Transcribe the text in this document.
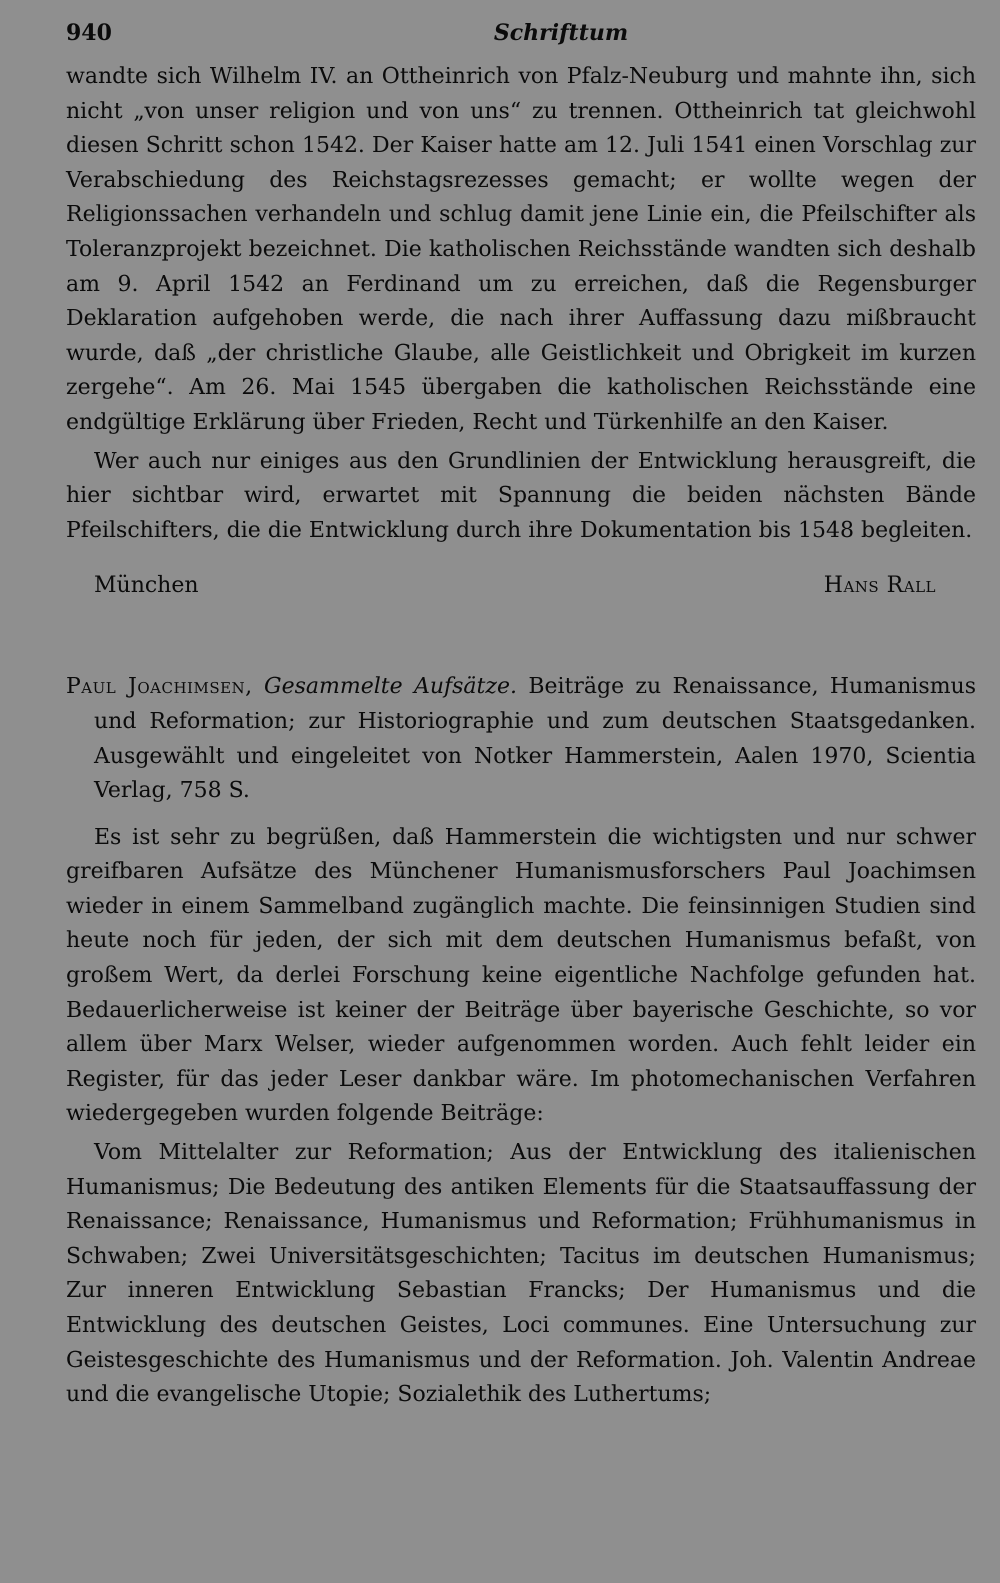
940	Schrifttum

wandte sich Wilhelm IV. an Ottheinrich von Pfalz-Neuburg und mahnte ihn, sich nicht „von unser religion und von uns“ zu trennen. Ottheinrich tat gleichwohl diesen Schritt schon 1542. Der Kaiser hatte am 12. Juli 1541 einen Vorschlag zur Verabschiedung des Reichstagsrezesses gemacht; er wollte wegen der Religionssachen verhandeln und schlug damit jene Linie ein, die Pfeilschifter als Toleranzprojekt bezeichnet. Die katholischen Reichsstände wandten sich deshalb am 9. April 1542 an Ferdinand um zu erreichen, daß die Regensburger Deklaration aufgehoben werde, die nach ihrer Auffassung dazu mißbraucht wurde, daß „der christliche Glaube, alle Geistlichkeit und Obrigkeit im kurzen zergehe“. Am 26. Mai 1545 übergaben die katholischen Reichsstände eine endgültige Erklärung über Frieden, Recht und Türkenhilfe an den Kaiser.

Wer auch nur einiges aus den Grundlinien der Entwicklung herausgreift, die hier sichtbar wird, erwartet mit Spannung die beiden nächsten Bände Pfeilschifters, die die Entwicklung durch ihre Dokumentation bis 1548 begleiten.

München	Hans Rall

Paul Joachimsen, Gesammelte Aufsätze. Beiträge zu Renaissance, Humanismus und Reformation; zur Historiographie und zum deutschen Staatsgedanken. Ausgewählt und eingeleitet von Notker Hammerstein, Aalen 1970, Scientia Verlag, 758 S.

Es ist sehr zu begrüßen, daß Hammerstein die wichtigsten und nur schwer greifbaren Aufsätze des Münchener Humanismusforschers Paul Joachimsen wieder in einem Sammelband zugänglich machte. Die feinsinnigen Studien sind heute noch für jeden, der sich mit dem deutschen Humanismus befaßt, von großem Wert, da derlei Forschung keine eigentliche Nachfolge gefunden hat. Bedauerlicherweise ist keiner der Beiträge über bayerische Geschichte, so vor allem über Marx Welser, wieder aufgenommen worden. Auch fehlt leider ein Register, für das jeder Leser dankbar wäre. Im photomechanischen Verfahren wiedergegeben wurden folgende Beiträge:

Vom Mittelalter zur Reformation; Aus der Entwicklung des italienischen Humanismus; Die Bedeutung des antiken Elements für die Staatsauffassung der Renaissance; Renaissance, Humanismus und Reformation; Frühhumanismus in Schwaben; Zwei Universitätsgeschichten; Tacitus im deutschen Humanismus; Zur inneren Entwicklung Sebastian Francks; Der Humanismus und die Entwicklung des deutschen Geistes, Loci communes. Eine Untersuchung zur Geistesgeschichte des Humanismus und der Reformation. Joh. Valentin Andreae und die evangelische Utopie; Sozialethik des Luthertums;
